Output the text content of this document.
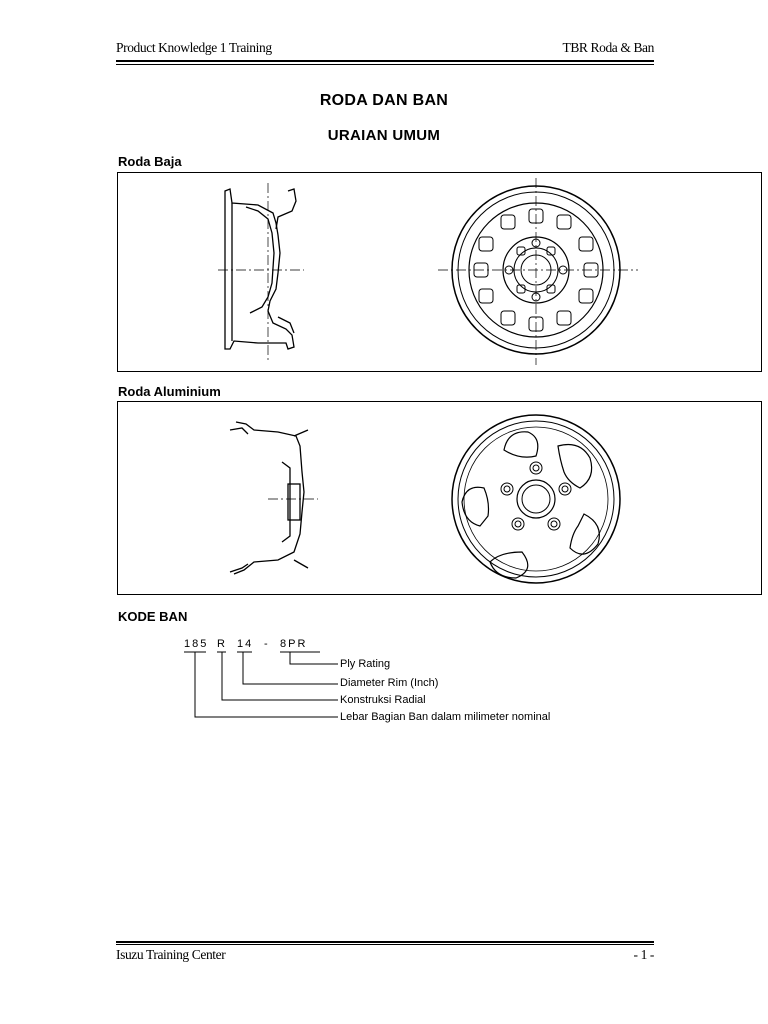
Product Knowledge 1 Training	TBR Roda & Ban
RODA DAN BAN
URAIAN UMUM
Roda Baja
Roda Aluminium
KODE BAN
185 R 14 - 8PR
Ply Rating
Diameter Rim (Inch)
Konstruksi Radial
Lebar Bagian Ban dalam milimeter nominal
Isuzu Training Center	- 1 -
